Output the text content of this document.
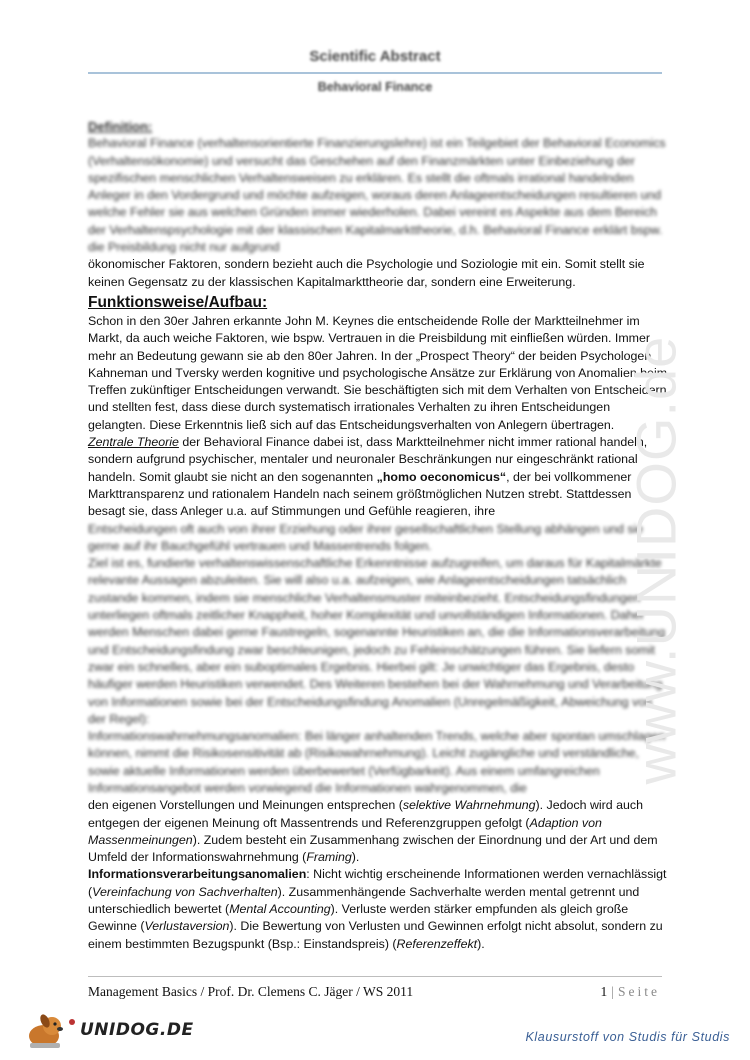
Scientific Abstract
Behavioral Finance
Definition:

Behavioral Finance (verhaltensorientierte Finanzierungslehre) ist ein Teilgebiet der Behavioral Economics (Verhaltensökonomie) und versucht das Geschehen auf den Finanzmärkten unter Einbeziehung der spezifischen menschlichen Verhaltensweisen zu erklären. Es stellt die oftmals irrational handelnden Anleger in den Vordergrund und möchte aufzeigen, woraus deren Anlageentscheidungen resultieren und welche Fehler sie aus welchen Gründen immer wiederholen. Dabei vereint es Aspekte aus dem Bereich der Verhaltenspsychologie mit der klassischen Kapitalmarkttheorie, d.h. Behavioral Finance erklärt bspw. die Preisbildung nicht nur aufgrund

ökonomischer Faktoren, sondern bezieht auch die Psychologie und Soziologie mit ein. Somit stellt sie

keinen Gegensatz zu der klassischen Kapitalmarkttheorie dar, sondern eine Erweiterung.

Funktionsweise/Aufbau:

Schon in den 30er Jahren erkannte John M. Keynes die entscheidende Rolle der Marktteilnehmer im Markt, da auch weiche Faktoren, wie bspw. Vertrauen in die Preisbildung mit einfließen würden. Immer mehr an Bedeutung gewann sie ab den 80er Jahren. In der „Prospect Theory“ der beiden Psychologen Kahneman und Tversky werden kognitive und psychologische Ansätze zur Erklärung von Anomalien beim Treffen zukünftiger Entscheidungen verwandt. Sie beschäftigten sich mit dem Verhalten von Entscheidern und stellten fest, dass diese durch systematisch irrationales Verhalten zu ihren Entscheidungen gelangten. Diese Erkenntnis ließ sich auf das Entscheidungsverhalten von Anlegern übertragen.

Zentrale Theorie der Behavioral Finance dabei ist, dass Marktteilnehmer nicht immer rational handeln, sondern aufgrund psychischer, mentaler und neuronaler Beschränkungen nur eingeschränkt rational handeln. Somit glaubt sie nicht an den sogenannten „homo oeconomicus“, der bei vollkommener Markttransparenz und rationalem Handeln nach seinem größtmöglichen Nutzen strebt. Stattdessen besagt sie, dass Anleger u.a. auf Stimmungen und Gefühle reagieren, ihre

Entscheidungen oft auch von ihrer Erziehung oder ihrer gesellschaftlichen Stellung abhängen und sie gerne auf ihr Bauchgefühl vertrauen und Massentrends folgen.

Ziel ist es, fundierte verhaltenswissenschaftliche Erkenntnisse aufzugreifen, um daraus für Kapitalmärkte relevante Aussagen abzuleiten. Sie will also u.a. aufzeigen, wie Anlageentscheidungen tatsächlich zustande kommen, indem sie menschliche Verhaltensmuster miteinbezieht. Entscheidungsfindungen unterliegen oftmals zeitlicher Knappheit, hoher Komplexität und unvollständigen Informationen. Daher werden Menschen dabei gerne Faustregeln, sogenannte Heuristiken an, die die Informationsverarbeitung und Entscheidungsfindung zwar beschleunigen, jedoch zu Fehleinschätzungen führen. Sie liefern somit zwar ein schnelles, aber ein suboptimales Ergebnis. Hierbei gilt: Je unwichtiger das Ergebnis, desto häufiger werden Heuristiken verwendet. Des Weiteren bestehen bei der Wahrnehmung und Verarbeitung von Informationen sowie bei der Entscheidungsfindung Anomalien (Unregelmäßigkeit, Abweichung von der Regel):

Informationswahrnehmungsanomalien: Bei länger anhaltenden Trends, welche aber spontan umschlagen können, nimmt die Risikosensitivität ab (Risikowahrnehmung). Leicht zugängliche und verständliche, sowie aktuelle Informationen werden überbewertet (Verfügbarkeit). Aus einem umfangreichen Informationsangebot werden vorwiegend die Informationen wahrgenommen, die

den eigenen Vorstellungen und Meinungen entsprechen (selektive Wahrnehmung). Jedoch wird auch entgegen der eigenen Meinung oft Massentrends und Referenzgruppen gefolgt (Adaption von Massenmeinungen). Zudem besteht ein Zusammenhang zwischen der Einordnung und der Art und dem Umfeld der Informationswahrnehmung (Framing).

Informationsverarbeitungsanomalien: Nicht wichtig erscheinende Informationen werden vernachlässigt (Vereinfachung von Sachverhalten). Zusammenhängende Sachverhalte werden mental getrennt und unterschiedlich bewertet (Mental Accounting). Verluste werden stärker empfunden als gleich große Gewinne (Verlustaversion). Die Bewertung von Verlusten und Gewinnen erfolgt nicht absolut, sondern zu einem bestimmten Bezugspunkt (Bsp.: Einstandspreis) (Referenzeffekt).

www.UNIDOG.de
Management Basics / Prof. Dr. Clemens C. Jäger / WS 2011	1 | Seite
UNIDOG.DE	Klausurstoff von Studis für Studis
